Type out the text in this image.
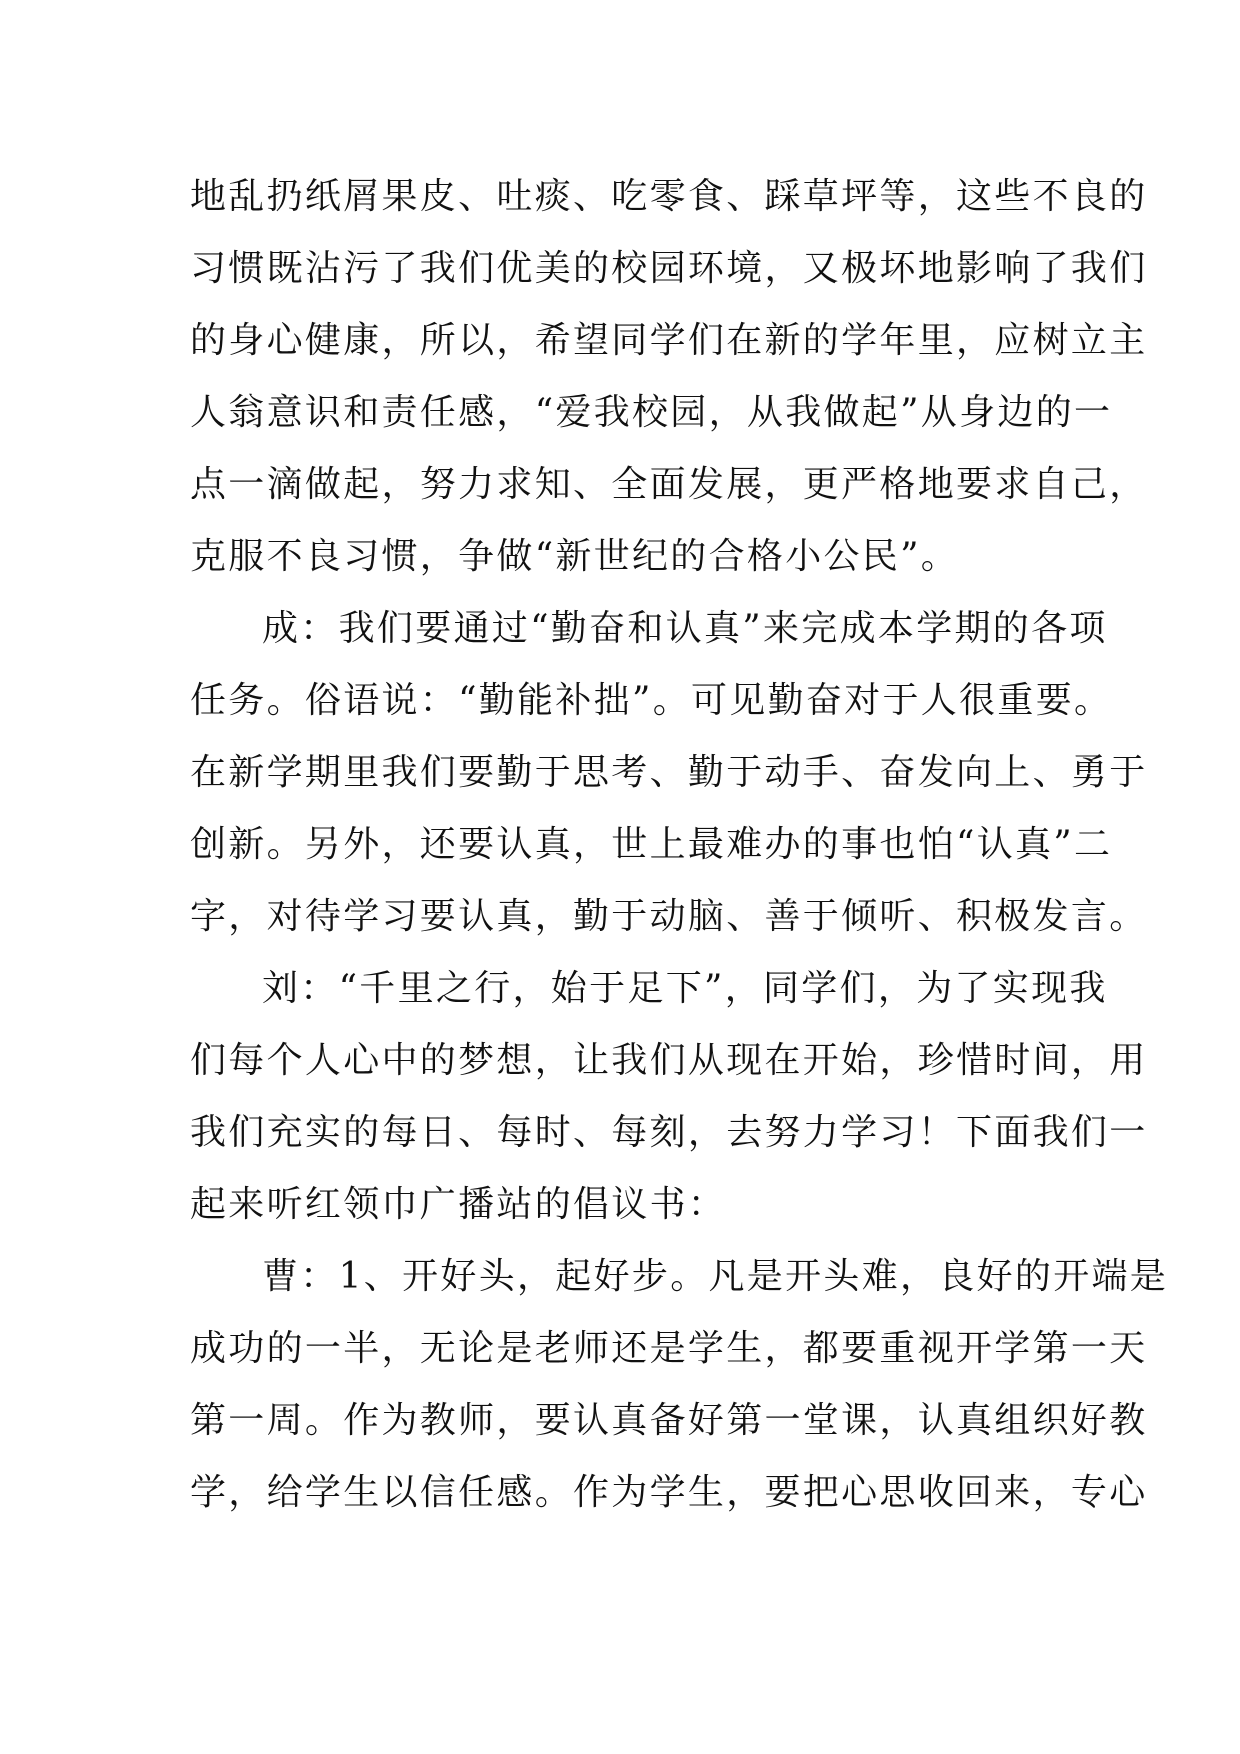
地乱扔纸屑果皮、吐痰、吃零食、踩草坪等，这些不良的
习惯既沾污了我们优美的校园环境，又极坏地影响了我们
的身心健康，所以，希望同学们在新的学年里，应树立主
人翁意识和责任感，“爱我校园，从我做起”从身边的一
点一滴做起，努力求知、全面发展，更严格地要求自己，
克服不良习惯，争做“新世纪的合格小公民”。
成：我们要通过“勤奋和认真”来完成本学期的各项
任务。俗语说：“勤能补拙”。可见勤奋对于人很重要。
在新学期里我们要勤于思考、勤于动手、奋发向上、勇于
创新。另外，还要认真，世上最难办的事也怕“认真”二
字，对待学习要认真，勤于动脑、善于倾听、积极发言。
刘：“千里之行，始于足下”，同学们，为了实现我
们每个人心中的梦想，让我们从现在开始，珍惜时间，用
我们充实的每日、每时、每刻，去努力学习！下面我们一
起来听红领巾广播站的倡议书：
曹：1、开好头，起好步。凡是开头难，良好的开端是
成功的一半，无论是老师还是学生，都要重视开学第一天
第一周。作为教师，要认真备好第一堂课，认真组织好教
学，给学生以信任感。作为学生，要把心思收回来，专心
